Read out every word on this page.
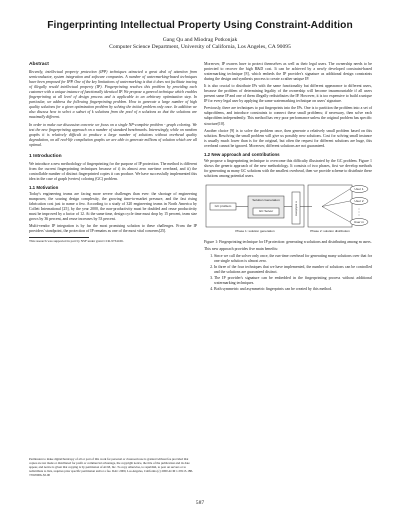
Fingerprinting Intellectual Property Using Constraint-Addition
Gang Qu and Miodrag Potkonjak
Computer Science Department, University of California, Los Angeles, CA 90095
Abstract

Recently, intellectual property protection (IPP) techniques attracted a great deal of attention from semiconductor, system integration and software companies. A number of watermarking-based techniques have been proposed for IPP. One of the key limitations of watermarking is that it does not facilitate tracing of illegally resold intellectual property (IP). Fingerprinting resolves this problem by providing each customer with a unique instance of functionally identical IP. We propose a general technique which enables fingerprinting at all level of design process and is applicable to an arbitrary optimization step. In particular, we address the following fingerprinting problem. How to generate a large number of high quality solutions for a given optimization problem by solving the initial problem only once. In addition we also discuss how to select a subset of k solutions from the pool of n solutions so that the solutions are maximally different.

In order to make our discussion concrete we focus on a single NP-complete problem - graph coloring. We test the new fingerprinting approach on a number of standard benchmarks. Interestingly, while on random graphs it is relatively difficult to produce a large number of solutions without overhead quality degradation, on all real-life compilation graphs we are able to generate millions of solution which are all optimal.

1 Introduction

We introduce a new methodology of fingerprinting for the purpose of IP protection. The method is different from the current fingerprinting techniques because of i) its almost zero run-time overhead, and ii) the controllable number of distinct fingerprinted copies it can produce. We have successfully implemented this idea in the case of graph (vertex) coloring (GC) problem.

1.1 Motivation

Today's engineering teams are facing more severe challenges than ever: the shortage of engineering manpower, the soaring design complexity, the growing time-to-market pressure, and the fast rising fabrication cost just to name a few. According to a study of 320 engineering teams in North America by Collett International [25], by the year 2000, the non-productivity must be doubled and reuse productivity must be improved by a factor of 12. At the same time, design cycle time must drop by 15 percent, team size grows by 36 percent, and reuse increases by 53 percent.

Multi-vendor IP integration is by far the most promising solution to these challenges. From the IP providers' standpoint, the protection of IP remains as one of the most vital concerns[25].

This research was supported in part by NSF under grant CCR-9734166.
Permission to make digital/hardcopy of all or part of this work for personal or classroom use is granted without fee provided that copies are not made or distributed for profit or commercial advantage, the copyright notice, the title of the publication and its date appear, and notice is given that copying is by permission of ACM, Inc. To copy otherwise, to republish, to post on servers or to redistribute to lists, requires prior specific permission and/or a fee. DAC 2000, Los Angeles, California (c) 2000 ACM 1-58113-188-7/00/0006..$5.00

Moreover, IP owners have to protect themselves as well as their legal users. The ownership needs to be protected to recover the high R&D cost. It can be achieved by a newly developed constraint-based watermarking technique [8], which embeds the IP provider's signature as additional design constraints during the design and synthesis process to create a rather unique IP.

It is also crucial to distribute IPs with the same functionality but different appearance to different users, because the problem of determining legality of the ownership will become insurmountable if all users present same IP and one of them illegally redistributes the IP. However, it is too expensive to build a unique IP for every legal user by applying the same watermarking technique on users' signature.

Previously, there are techniques to put fingerprints into the IPs. One is to partition the problem into a set of subproblems, and introduce constraints to connect these small problems; if necessary, then solve each subproblem independently. This method has very poor performance unless the original problem has specific structure[10].

Another choice [9] is to solve the problem once, then generate a relatively small problem based on this solution. Resolving the small problem will give us possibly new solutions. Cost for solving small instance is usually much lower than is for the original, but often the request for different solutions are huge, this overhead cannot be ignored. Moreover, different solutions are not guaranteed.

1.2 New approach and contributions

We propose a fingerprinting technique to overcome this difficulty illustrated by the GC problem. Figure 1 shows the generic approach of the new methodology. It consists of two phases, first we develop methods for generating as many GC solutions with the smallest overhead, then we provide scheme to distribute these solutions among potential users.

GC problem
Solution Generation
GC Solver	n solutions
User 1
User 2
User m
Phase 1: solution generation	Phase 2: solution distribution
Figure 1: Fingerprinting technique for IP protection: generating n solutions and distributing among m users.

This new approach provides five main benefits:

1. Since we call the solver only once, the run-time overhead for generating many solutions over that for one single solution is almost zero.
2. In three of the four techniques that we have implemented, the number of solutions can be controlled and the solutions are guaranteed distinct.
3. The IP provider's signature can be embedded in the fingerprinting process without additional watermarking techniques.
4. Both symmetric and asymmetric fingerprints can be created by this method.
587
